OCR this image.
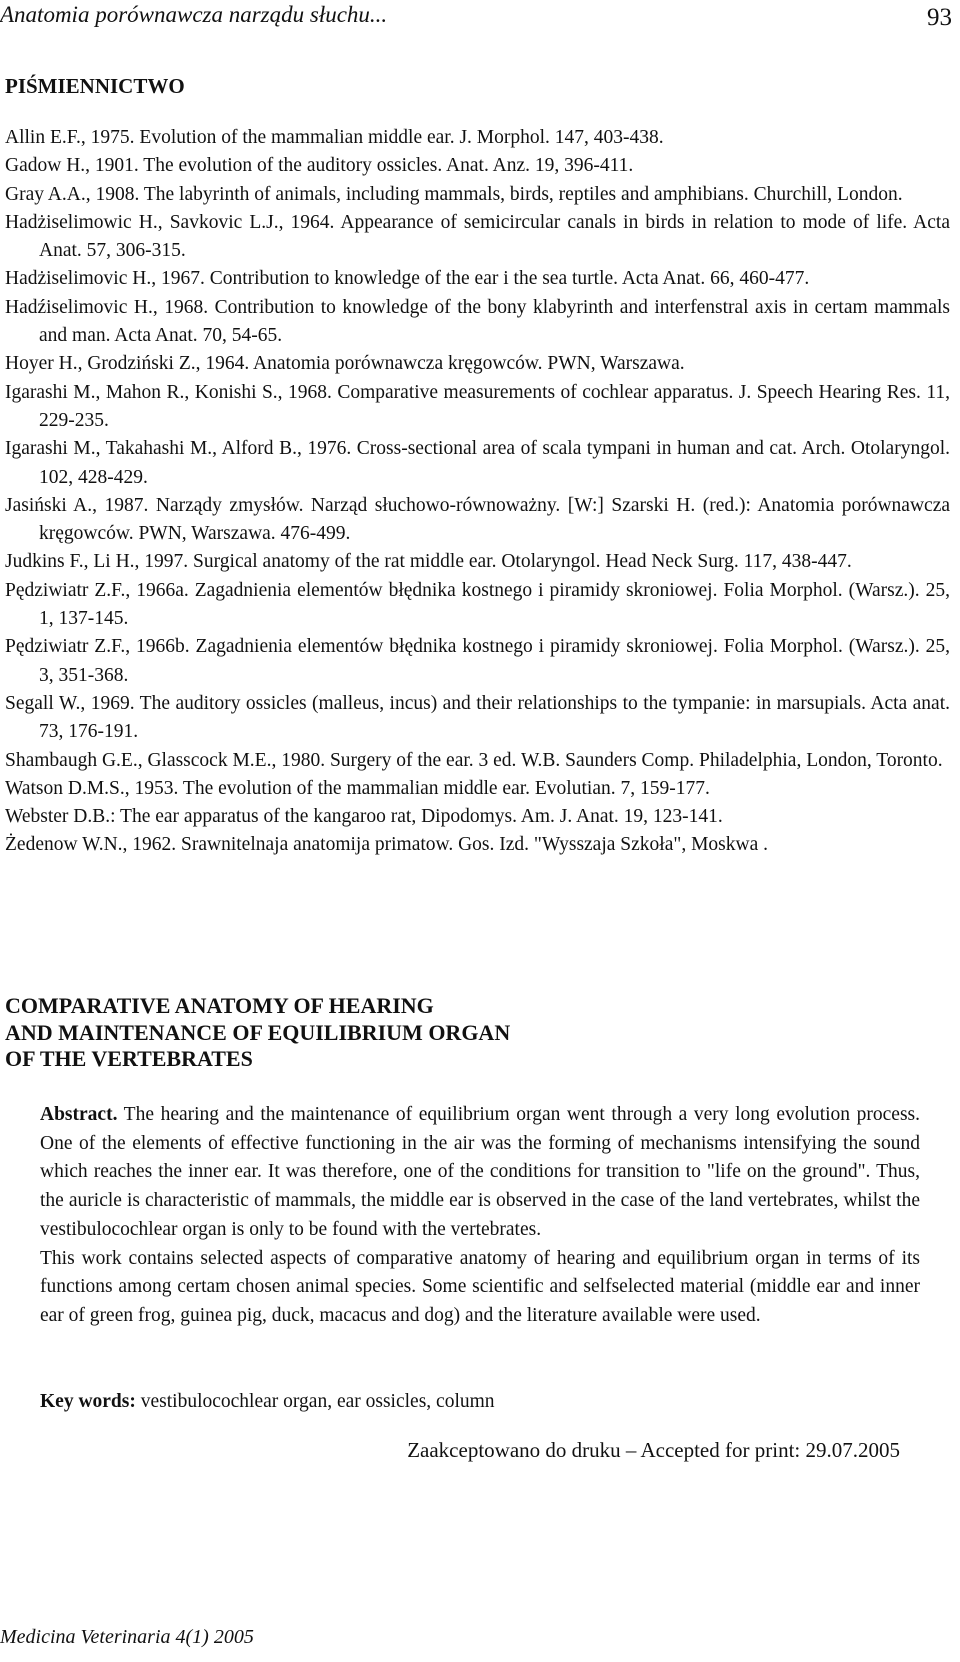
Anatomia porównawcza narządu słuchu...	93
PIŚMIENNICTWO
Allin E.F., 1975. Evolution of the mammalian middle ear. J. Morphol. 147, 403-438.
Gadow H., 1901. The evolution of the auditory ossicles. Anat. Anz. 19, 396-411.
Gray A.A., 1908. The labyrinth of animals, including mammals, birds, reptiles and amphibians. Churchill, London.
Hadżiselimowic H., Savkovic L.J., 1964. Appearance of semicircular canals in birds in relation to mode of life. Acta Anat. 57, 306-315.
Hadżiselimovic H., 1967. Contribution to knowledge of the ear i the sea turtle. Acta Anat. 66, 460-477.
Hadźiselimovic H., 1968. Contribution to knowledge of the bony klabyrinth and interfenstral axis in certam mammals and man. Acta Anat. 70, 54-65.
Hoyer H., Grodziński Z., 1964. Anatomia porównawcza kręgowców. PWN, Warszawa.
Igarashi M., Mahon R., Konishi S., 1968. Comparative measurements of cochlear apparatus. J. Speech Hearing Res. 11, 229-235.
Igarashi M., Takahashi M., Alford B., 1976. Cross-sectional area of scala tympani in human and cat. Arch. Otolaryngol. 102, 428-429.
Jasiński A., 1987. Narządy zmysłów. Narząd słuchowo-równoważny. [W:] Szarski H. (red.): Anatomia porównawcza kręgowców. PWN, Warszawa. 476-499.
Judkins F., Li H., 1997. Surgical anatomy of the rat middle ear. Otolaryngol. Head Neck Surg. 117, 438-447.
Pędziwiatr Z.F., 1966a. Zagadnienia elementów błędnika kostnego i piramidy skroniowej. Folia Morphol. (Warsz.). 25, 1, 137-145.
Pędziwiatr Z.F., 1966b. Zagadnienia elementów błędnika kostnego i piramidy skroniowej. Folia Morphol. (Warsz.). 25, 3, 351-368.
Segall W., 1969. The auditory ossicles (malleus, incus) and their relationships to the tympanie: in marsupials. Acta anat. 73, 176-191.
Shambaugh G.E., Glasscock M.E., 1980. Surgery of the ear. 3 ed. W.B. Saunders Comp. Philadelphia, London, Toronto.
Watson D.M.S., 1953. The evolution of the mammalian middle ear. Evolutian. 7, 159-177.
Webster D.B.: The ear apparatus of the kangaroo rat, Dipodomys. Am. J. Anat. 19, 123-141.
Żedenow W.N., 1962. Srawnitelnaja anatomija primatow. Gos. Izd. "Wysszaja Szkoła", Moskwa .
COMPARATIVE ANATOMY OF HEARING
AND MAINTENANCE OF EQUILIBRIUM ORGAN
OF THE VERTEBRATES

Abstract. The hearing and the maintenance of equilibrium organ went through a very long evolution process. One of the elements of effective functioning in the air was the forming of mechanisms intensifying the sound which reaches the inner ear. It was therefore, one of the conditions for transition to "life on the ground". Thus, the auricle is characteristic of mammals, the middle ear is observed in the case of the land vertebrates, whilst the vestibulocochlear organ is only to be found with the vertebrates.

This work contains selected aspects of comparative anatomy of hearing and equilibrium organ in terms of its functions among certam chosen animal species. Some scientific and selfselected material (middle ear and inner ear of green frog, guinea pig, duck, macacus and dog) and the literature available were used.

Key words: vestibulocochlear organ, ear ossicles, column
Zaakceptowano do druku – Accepted for print: 29.07.2005
Medicina Veterinaria 4(1) 2005
